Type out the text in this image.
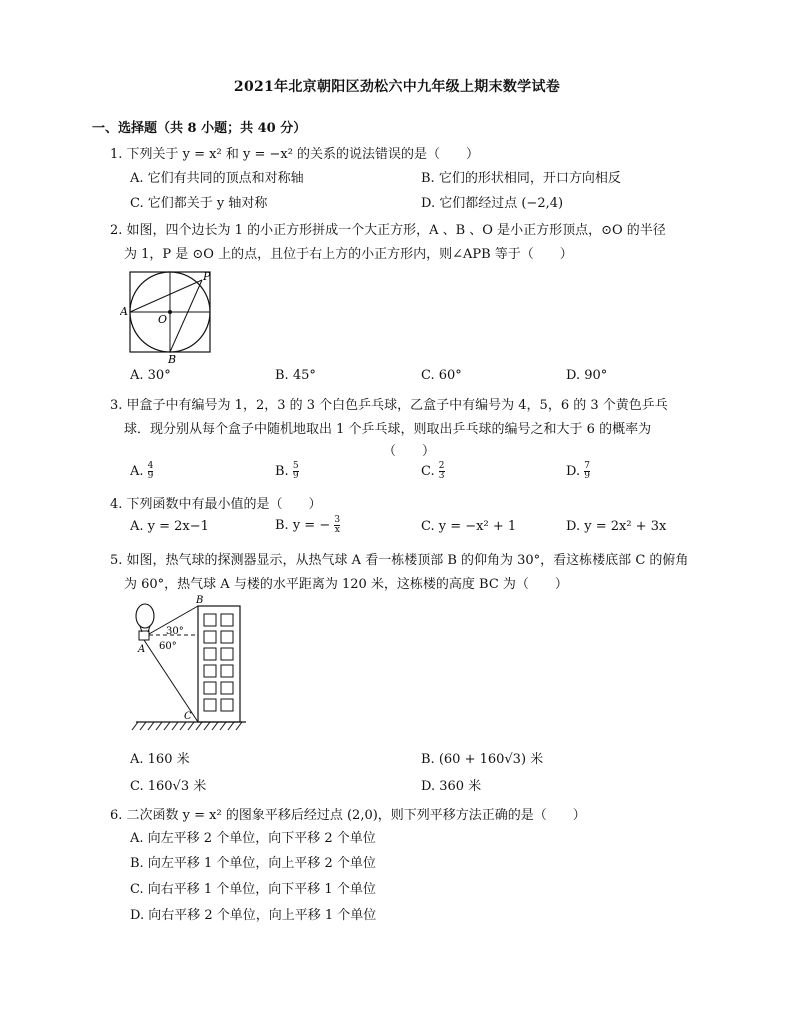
2021年北京朝阳区劲松六中九年级上期末数学试卷
一、选择题（共 8 小题；共 40 分）
1. 下列关于 y = x² 和 y = −x² 的关系的说法错误的是（　　）
A. 它们有共同的顶点和对称轴	B. 它们的形状相同，开口方向相反
C. 它们都关于 y 轴对称	D. 它们都经过点 (−2,4)
2. 如图，四个边长为 1 的小正方形拼成一个大正方形，A 、B 、O 是小正方形顶点，⊙O 的半径
为 1，P 是 ⊙O 上的点，且位于右上方的小正方形内，则∠APB 等于（　　）
A
B
O
P
A. 30°	B. 45°	C. 60°	D. 90°
3. 甲盒子中有编号为 1，2，3 的 3 个白色乒乓球，乙盒子中有编号为 4，5，6 的 3 个黄色乒乓
球．现分别从每个盒子中随机地取出 1 个乒乓球，则取出乒乓球的编号之和大于 6 的概率为
（　　）
A. $\frac{4}{9}$	B. $\frac{5}{9}$	C. $\frac{2}{3}$	D. $\frac{7}{9}$
4. 下列函数中有最小值的是（　　）
A. y = 2x−1	B. y = − $\frac{3}{x}$	C. y = −x² + 1	D. y = 2x² + 3x
5. 如图，热气球的探测器显示，从热气球 A 看一栋楼顶部 B 的仰角为 30°，看这栋楼底部 C 的俯角
为 60°，热气球 A 与楼的水平距离为 120 米，这栋楼的高度 BC 为（　　）
A
B
C
30°
60°
A. 160 米	B. (60 + 160√3) 米
C. 160√3 米	D. 360 米
6. 二次函数 y = x² 的图象平移后经过点 (2,0)，则下列平移方法正确的是（　　）
A. 向左平移 2 个单位，向下平移 2 个单位
B. 向左平移 1 个单位，向上平移 2 个单位
C. 向右平移 1 个单位，向下平移 1 个单位
D. 向右平移 2 个单位，向上平移 1 个单位
